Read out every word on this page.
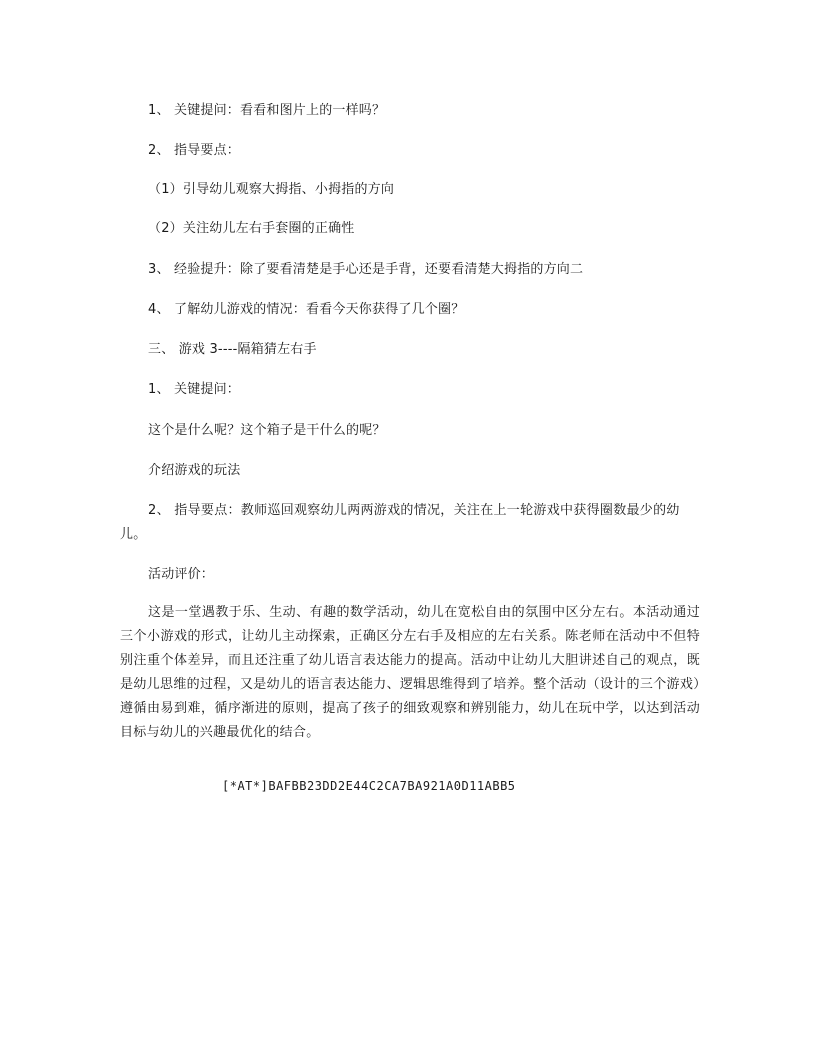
1、 关键提问：看看和图片上的一样吗？
2、 指导要点：
（1）引导幼儿观察大拇指、小拇指的方向
（2）关注幼儿左右手套圈的正确性
3、 经验提升：除了要看清楚是手心还是手背，还要看清楚大拇指的方向二
4、 了解幼儿游戏的情况：看看今天你获得了几个圈？
三、 游戏 3----隔箱猜左右手
1、 关键提问：
这个是什么呢？这个箱子是干什么的呢？
介绍游戏的玩法
2、 指导要点：教师巡回观察幼儿两两游戏的情况，关注在上一轮游戏中获得圈数最少的幼儿。
活动评价：
这是一堂遇教于乐、生动、有趣的数学活动，幼儿在宽松自由的氛围中区分左右。本活动通过三个小游戏的形式，让幼儿主动探索，正确区分左右手及相应的左右关系。陈老师在活动中不但特别注重个体差异，而且还注重了幼儿语言表达能力的提高。活动中让幼儿大胆讲述自己的观点，既是幼儿思维的过程，又是幼儿的语言表达能力、逻辑思维得到了培养。整个活动（设计的三个游戏）遵循由易到难，循序渐进的原则，提高了孩子的细致观察和辨别能力，幼儿在玩中学，以达到活动目标与幼儿的兴趣最优化的结合。
[*AT*]BAFBB23DD2E44C2CA7BA921A0D11ABB5
